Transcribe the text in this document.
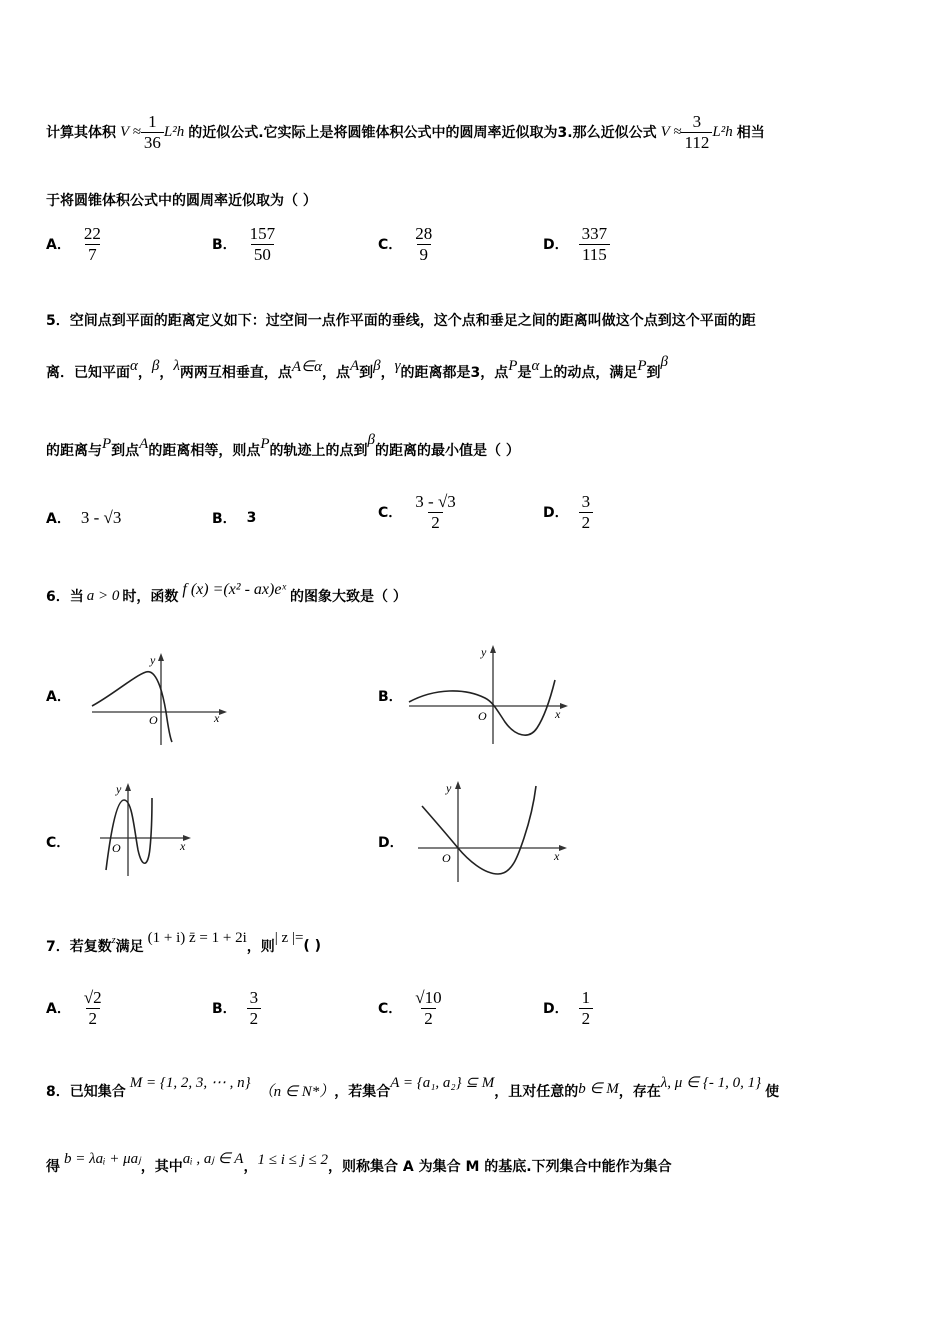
计算其体积 $V \approx \frac{1}{36} L^2h$ 的近似公式.它实际上是将圆锥体积公式中的圆周率近似取为3.那么近似公式 $V \approx \frac{3}{112} L^2h$ 相当
于将圆锥体积公式中的圆周率近似取为（ ）
A． $\frac{22}{7}$	B． $\frac{157}{50}$	C． $\frac{28}{9}$	D． $\frac{337}{115}$
5．空间点到平面的距离定义如下：过空间一点作平面的垂线，这个点和垂足之间的距离叫做这个点到这个平面的距
离．已知平面 α ， β ， λ 两两互相垂直，点 A∈α ，点 A 到 β ， γ 的距离都是3，点 P 是 α 上的动点，满足 P 到
β
的距离与 P 到点 A 的距离相等，则点 P 的轨迹上的点到
β
的距离的最小值是（ ）
A． 3 - √3	B． 3	C． $\frac{3 - √3}{2}$	D． $\frac{3}{2}$
6．当 a > 0 时，函数 f (x) =(x² - ax)eˣ 的图象大致是（ ）
A．
y
x
O
B．
y
x
O
C．
y
x
O	D．
y
x
O
7．若复数 z 满足
(1 + i) z̄ = 1 + 2i
，则
| z |=
( )
A． $\frac{√2}{2}$	B． $\frac{3}{2}$	C． $\frac{√10}{2}$	D． $\frac{1}{2}$
8．已知集合
M = {1, 2, 3, ⋯ , n}
（n ∈ N*） ，若集合
A = {a₁, a₂} ⊆ M
，且对任意的 b ∈ M ，存在
λ, μ ∈ {- 1, 0, 1}
使
得
b = λaᵢ + μaⱼ
，其中
aᵢ , aⱼ ∈ A
， 1 ≤ i ≤ j ≤ 2 ，则称集合 A 为集合 M 的基底.下列集合中能作为集合
